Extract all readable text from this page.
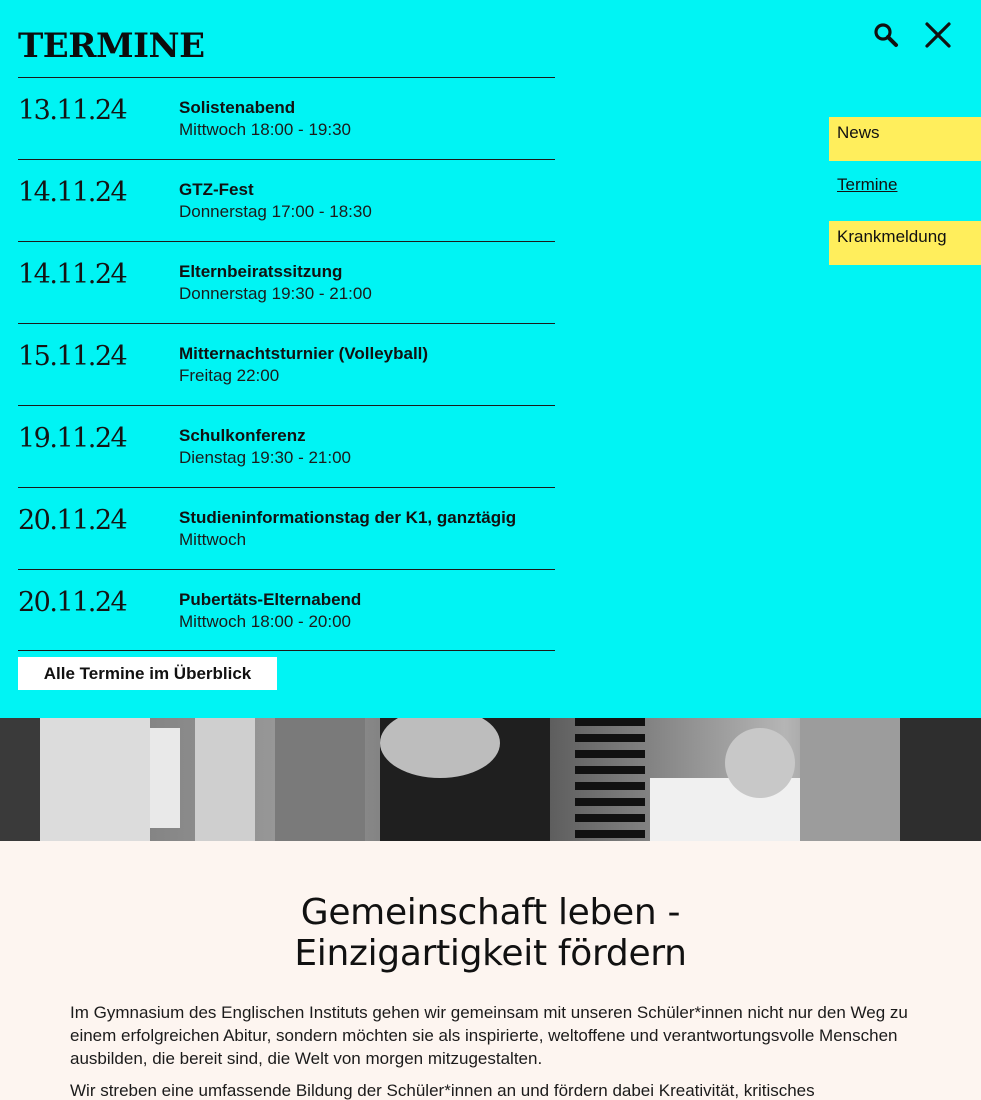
TERMINE
13.11.24	Solistenabend
Mittwoch 18:00 - 19:30
14.11.24	GTZ-Fest
Donnerstag 17:00 - 18:30
14.11.24	Elternbeiratssitzung
Donnerstag 19:30 - 21:00
15.11.24	Mitternachtsturnier (Volleyball)
Freitag 22:00
19.11.24	Schulkonferenz
Dienstag 19:30 - 21:00
20.11.24	Studieninformationstag der K1, ganztägig
Mittwoch
20.11.24	Pubertäts-Elternabend
Mittwoch 18:00 - 20:00
Alle Termine im Überblick
News
Termine
Krankmeldung
Gemeinschaft leben -
Einzigartigkeit fördern

Im Gymnasium des Englischen Instituts gehen wir gemeinsam mit unseren Schüler*innen nicht nur den Weg zu einem erfolgreichen Abitur, sondern möchten sie als inspirierte, weltoffene und verantwortungsvolle Menschen ausbilden, die bereit sind, die Welt von morgen mitzugestalten.

Wir streben eine umfassende Bildung der Schüler*innen an und fördern dabei Kreativität, kritisches
